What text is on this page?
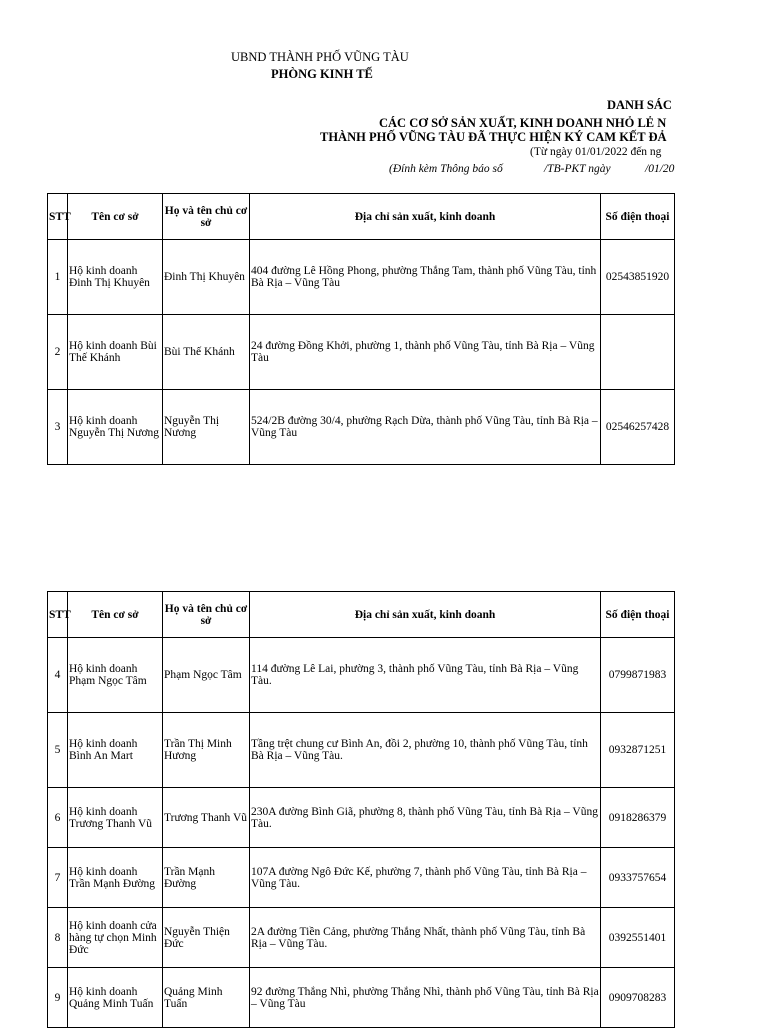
UBND THÀNH PHỐ VŨNG TÀU
PHÒNG KINH TẾ
DANH SÁC
CÁC CƠ SỞ SẢN XUẤT, KINH DOANH NHỎ LẺ N
THÀNH PHỐ VŨNG TÀU ĐÃ THỰC HIỆN KÝ CAM KẾT ĐẢ
(Từ ngày 01/01/2022 đến ng
(Đính kèm Thông báo số	/TB-PKT ngày	/01/20
STT	Tên cơ sở	Họ và tên chủ cơ sở	Địa chỉ sản xuất, kinh doanh	Số điện thoại
1	Hộ kinh doanh Đinh Thị Khuyên	Đinh Thị Khuyên	404 đường Lê Hồng Phong, phường Thắng Tam, thành phố Vũng Tàu, tỉnh Bà Rịa – Vũng Tàu	02543851920
2	Hộ kinh doanh Bùi Thế Khánh	Bùi Thế Khánh	24 đường Đồng Khởi, phường 1, thành phố Vũng Tàu, tỉnh Bà Rịa – Vũng Tàu	
3	Hộ kinh doanh Nguyễn Thị Nương	Nguyễn Thị Nương	524/2B đường 30/4, phường Rạch Dừa, thành phố Vũng Tàu, tỉnh Bà Rịa – Vũng Tàu	02546257428
STT	Tên cơ sở	Họ và tên chủ cơ sở	Địa chỉ sản xuất, kinh doanh	Số điện thoại
4	Hộ kinh doanh Phạm Ngọc Tâm	Phạm Ngọc Tâm	114 đường Lê Lai, phường 3, thành phố Vũng Tàu, tỉnh Bà Rịa – Vũng Tàu.	0799871983
5	Hộ kinh doanh Bình An Mart	Trần Thị Minh Hương	Tầng trệt chung cư Bình An, đồi 2, phường 10, thành phố Vũng Tàu, tỉnh Bà Rịa – Vũng Tàu.	0932871251
6	Hộ kinh doanh Trương Thanh Vũ	Trương Thanh Vũ	230A đường Bình Giã, phường 8, thành phố Vũng Tàu, tỉnh Bà Rịa – Vũng Tàu.	0918286379
7	Hộ kinh doanh Trần Mạnh Đường	Trần Mạnh Đường	107A đường Ngô Đức Kế, phường 7, thành phố Vũng Tàu, tỉnh Bà Rịa – Vũng Tàu.	0933757654
8	Hộ kinh doanh cửa hàng tự chọn Minh Đức	Nguyễn Thiện Đức	2A đường Tiền Cảng, phường Thắng Nhất, thành phố Vũng Tàu, tỉnh Bà Rịa – Vũng Tàu.	0392551401
9	Hộ kinh doanh Quảng Minh Tuấn	Quảng Minh Tuấn	92 đường Thắng Nhì, phường Thắng Nhì, thành phố Vũng Tàu, tỉnh Bà Rịa – Vũng Tàu	0909708283
